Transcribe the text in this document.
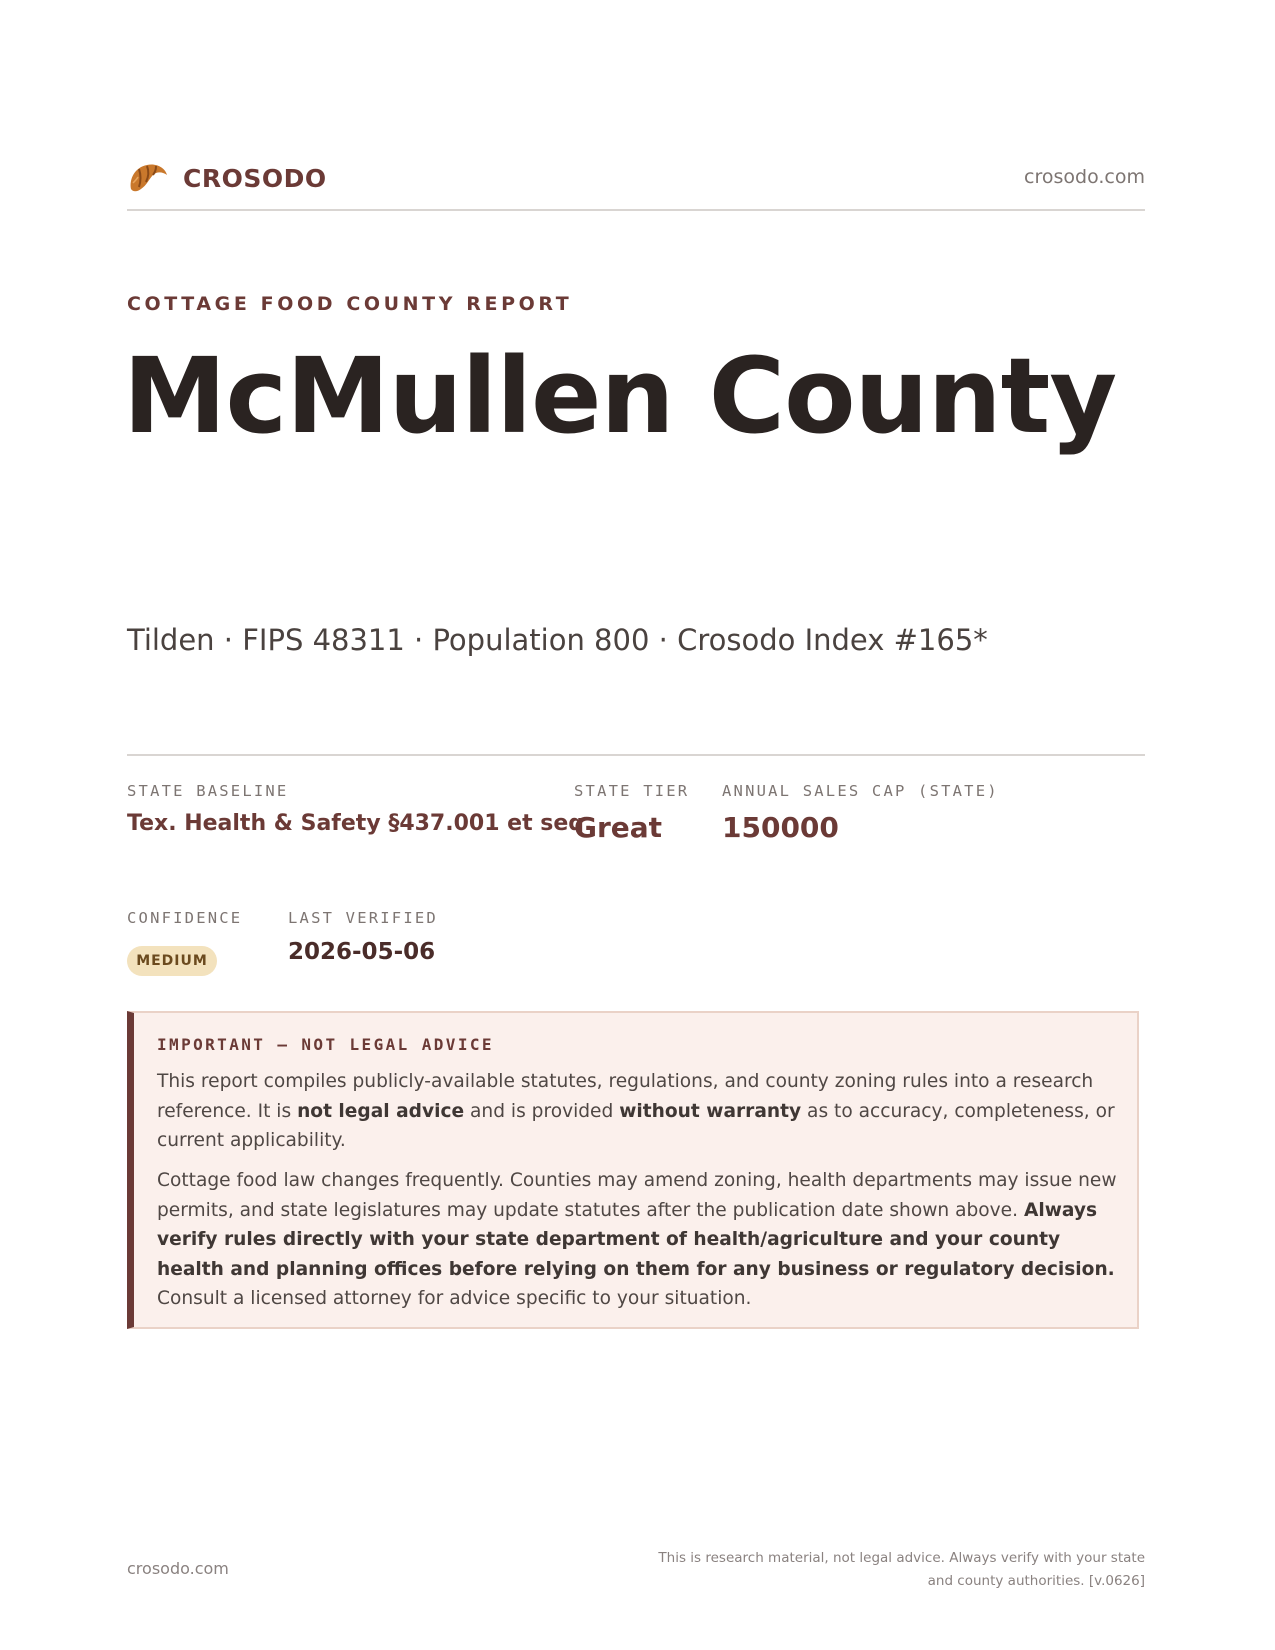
CROSODO	crosodo.com
COTTAGE FOOD COUNTY REPORT
McMullen County
Tilden · FIPS 48311 · Population 800 · Crosodo Index #165*
STATE BASELINE
Tex. Health & Safety §437.001 et seq.
STATE TIER
Great
ANNUAL SALES CAP (STATE)
150000
CONFIDENCE
MEDIUM
LAST VERIFIED
2026-05-06
IMPORTANT — NOT LEGAL ADVICE

This report compiles publicly-available statutes, regulations, and county zoning rules into a research reference. It is not legal advice and is provided without warranty as to accuracy, completeness, or current applicability.

Cottage food law changes frequently. Counties may amend zoning, health departments may issue new permits, and state legislatures may update statutes after the publication date shown above. Always verify rules directly with your state department of health/agriculture and your county health and planning offices before relying on them for any business or regulatory decision. Consult a licensed attorney for advice specific to your situation.

crosodo.com
This is research material, not legal advice. Always verify with your state
and county authorities. [v.0626]
